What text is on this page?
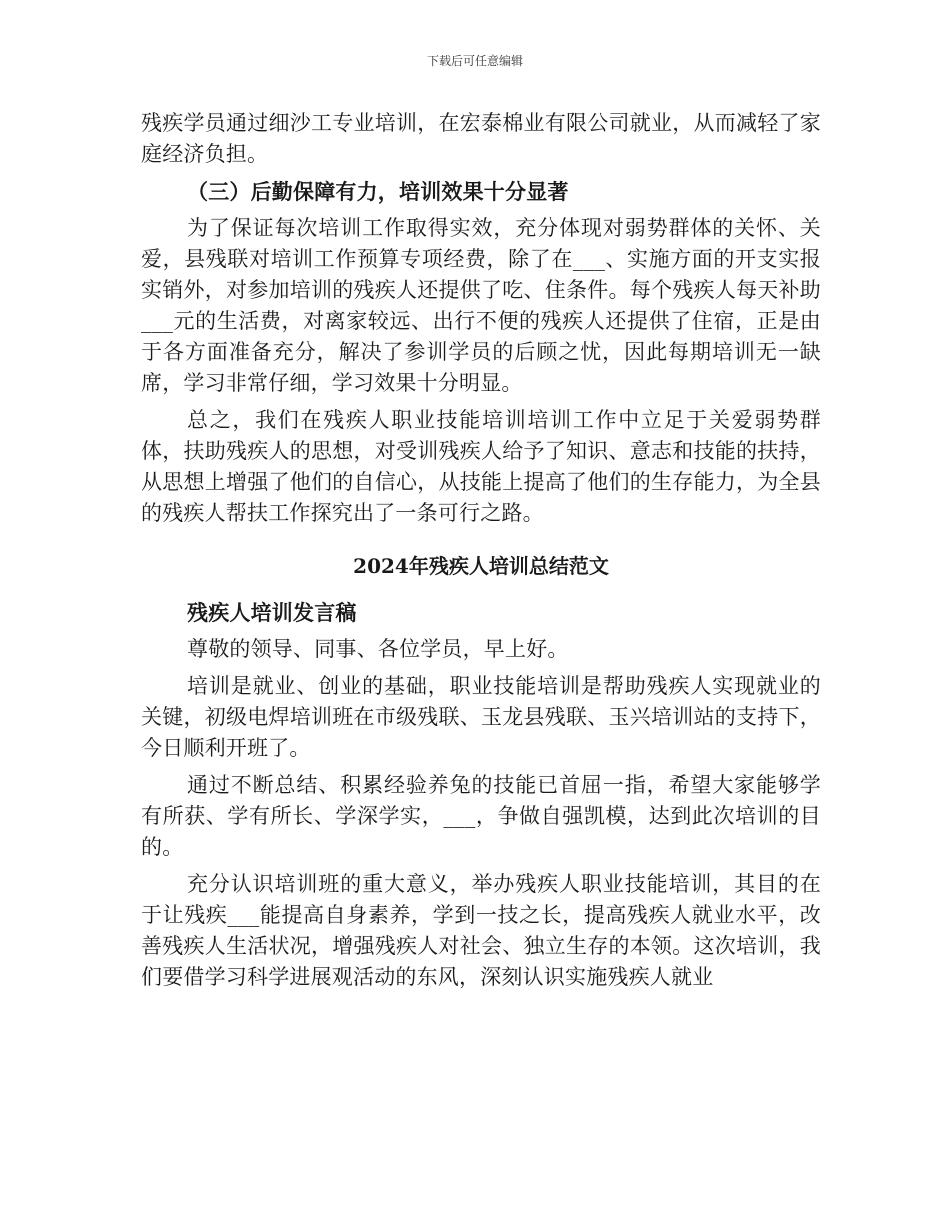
下载后可任意编辑

残疾学员通过细沙工专业培训，在宏泰棉业有限公司就业，从而减轻了家庭经济负担。

（三）后勤保障有力，培训效果十分显著

为了保证每次培训工作取得实效，充分体现对弱势群体的关怀、关爱，县残联对培训工作预算专项经费，除了在___、实施方面的开支实报实销外，对参加培训的残疾人还提供了吃、住条件。每个残疾人每天补助___元的生活费，对离家较远、出行不便的残疾人还提供了住宿，正是由于各方面准备充分，解决了参训学员的后顾之忧，因此每期培训无一缺席，学习非常仔细，学习效果十分明显。

总之，我们在残疾人职业技能培训培训工作中立足于关爱弱势群体，扶助残疾人的思想，对受训残疾人给予了知识、意志和技能的扶持，从思想上增强了他们的自信心，从技能上提高了他们的生存能力，为全县的残疾人帮扶工作探究出了一条可行之路。

2024年残疾人培训总结范文

残疾人培训发言稿

尊敬的领导、同事、各位学员，早上好。

培训是就业、创业的基础，职业技能培训是帮助残疾人实现就业的关键，初级电焊培训班在市级残联、玉龙县残联、玉兴培训站的支持下，今日顺利开班了。

通过不断总结、积累经验养兔的技能已首屈一指，希望大家能够学有所获、学有所长、学深学实，___，争做自强凯模，达到此次培训的目的。

充分认识培训班的重大意义，举办残疾人职业技能培训，其目的在于让残疾___能提高自身素养，学到一技之长，提高残疾人就业水平，改善残疾人生活状况，增强残疾人对社会、独立生存的本领。这次培训，我们要借学习科学进展观活动的东风，深刻认识实施残疾人就业
